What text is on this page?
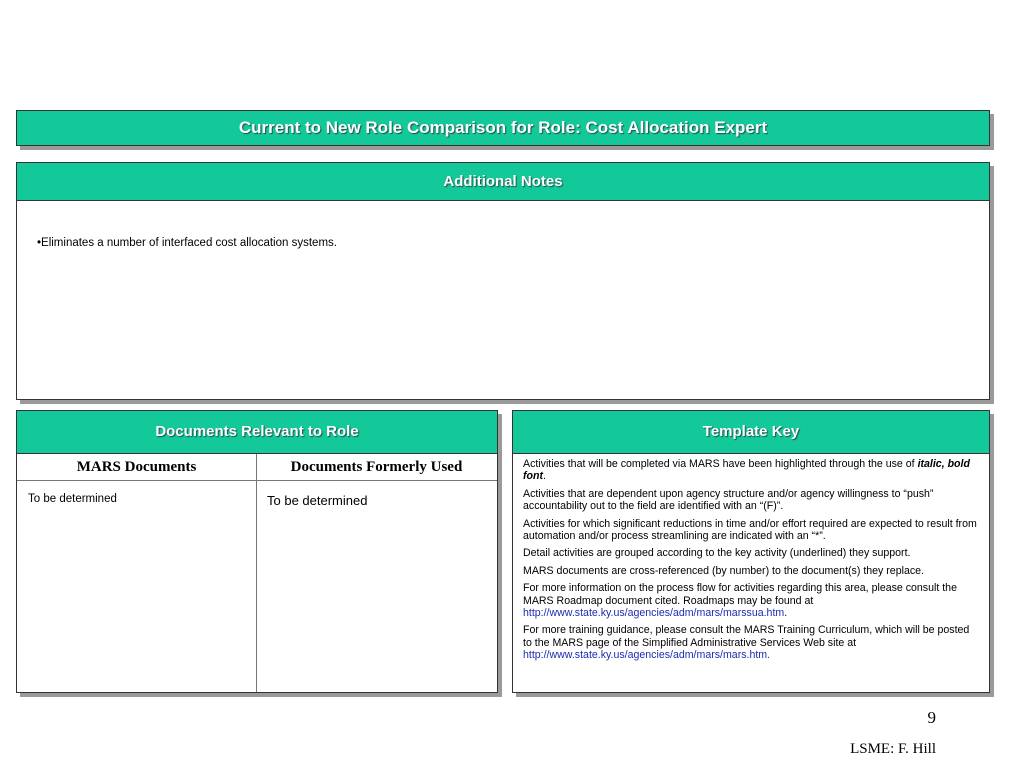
Current to New Role Comparison for Role: Cost Allocation Expert
Additional Notes
•Eliminates a number of interfaced cost allocation systems.
Documents Relevant to Role
MARS Documents	Documents Formerly Used
To be determined	To be determined
Template Key

Activities that will be completed via MARS have been highlighted through the use of italic, bold font.

Activities that are dependent upon agency structure and/or agency willingness to “push” accountability out to the field are identified with an “(F)”.

Activities for which significant reductions in time and/or effort required are expected to result from automation and/or process streamlining are indicated with an “*”.

Detail activities are grouped according to the key activity (underlined) they support.

MARS documents are cross-referenced (by number) to the document(s) they replace.

For more information on the process flow for activities regarding this area, please consult the MARS Roadmap document cited. Roadmaps may be found at http://www.state.ky.us/agencies/adm/mars/marssua.htm.

For more training guidance, please consult the MARS Training Curriculum, which will be posted to the MARS page of the Simplified Administrative Services Web site at http://www.state.ky.us/agencies/adm/mars/mars.htm.

9
LSME: F. Hill
